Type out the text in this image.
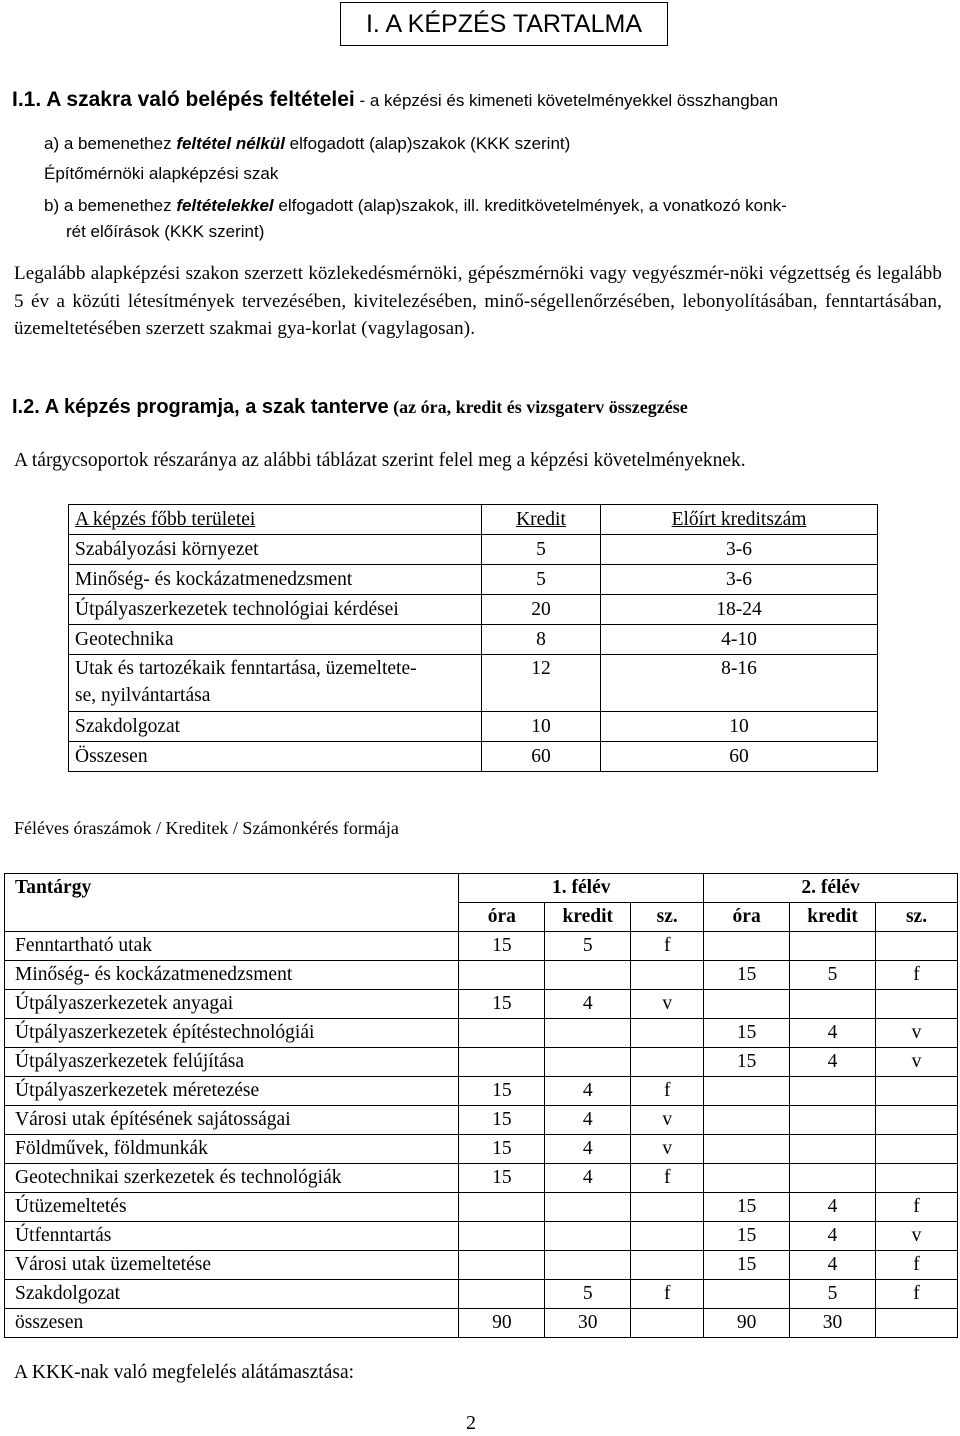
I. A KÉPZÉS TARTALMA
I.1. A szakra való belépés feltételei - a képzési és kimeneti követelményekkel összhangban
a) a bemenethez feltétel nélkül elfogadott (alap)szakok (KKK szerint)
Építőmérnöki alapképzési szak
b) a bemenethez feltételekkel elfogadott (alap)szakok, ill. kreditkövetelmények, a vonatkozó konk-
rét előírások (KKK szerint)
Legalább alapképzési szakon szerzett közlekedésmérnöki, gépészmérnöki vagy vegyészmér-nöki végzettség és legalább 5 év a közúti létesítmények tervezésében, kivitelezésében, minő-ségellenőrzésében, lebonyolításában, fenntartásában, üzemeltetésében szerzett szakmai gya-korlat (vagylagosan).
I.2. A képzés programja, a szak tanterve (az óra, kredit és vizsgaterv összegzése
A tárgycsoportok részaránya az alábbi táblázat szerint felel meg a képzési követelményeknek.
A képzés főbb területei	Kredit	Előírt kreditszám
Szabályozási környezet	5	3-6
Minőség- és kockázatmenedzsment	5	3-6
Útpályaszerkezetek technológiai kérdései	20	18-24
Geotechnika	8	4-10
Utak és tartozékaik fenntartása, üzemeltete-
se, nyilvántartása	12	8-16
Szakdolgozat	10	10
Összesen	60	60
Féléves óraszámok / Kreditek / Számonkérés formája
Tantárgy	1. félév			2. félév		
	óra	kredit	sz.	óra	kredit	sz.
Fenntartható utak	15	5	f			
Minőség- és kockázatmenedzsment				15	5	f
Útpályaszerkezetek anyagai	15	4	v			
Útpályaszerkezetek építéstechnológiái				15	4	v
Útpályaszerkezetek felújítása				15	4	v
Útpályaszerkezetek méretezése	15	4	f			
Városi utak építésének sajátosságai	15	4	v			
Földművek, földmunkák	15	4	v			
Geotechnikai szerkezetek és technológiák	15	4	f			
Útüzemeltetés				15	4	f
Útfenntartás				15	4	v
Városi utak üzemeltetése				15	4	f
Szakdolgozat		5	f		5	f
összesen	90	30		90	30	
A KKK-nak való megfelelés alátámasztása:
2
